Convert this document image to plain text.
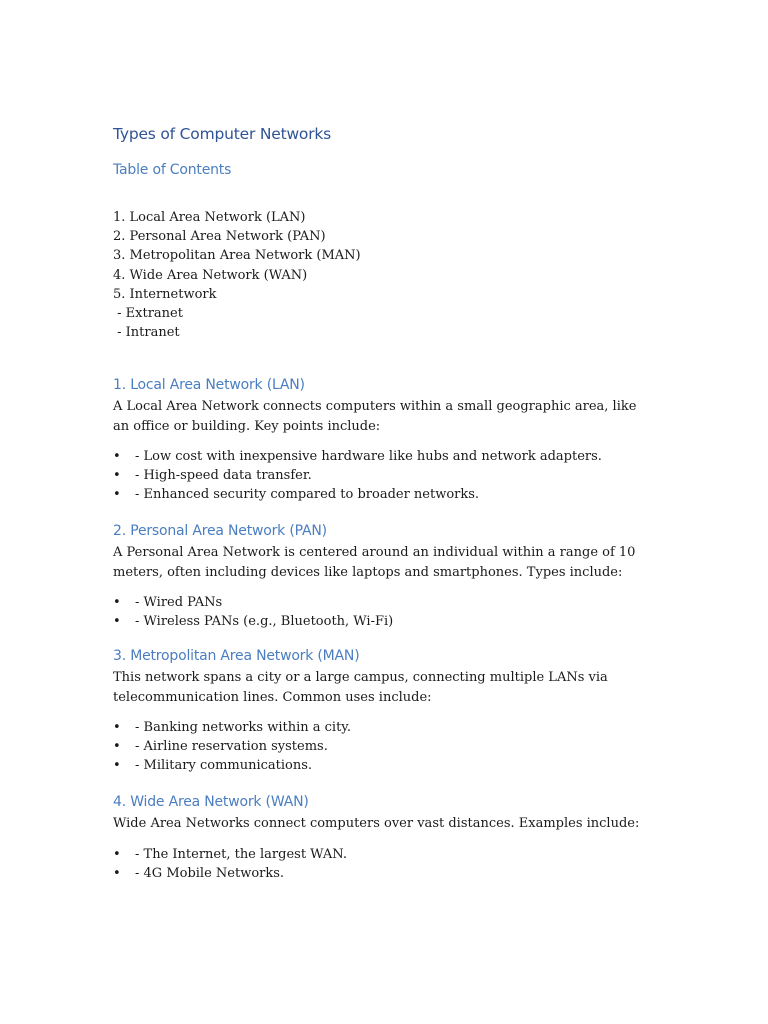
Types of Computer Networks
Table of Contents
1. Local Area Network (LAN)
2. Personal Area Network (PAN)
3. Metropolitan Area Network (MAN)
4. Wide Area Network (WAN)
5. Internetwork
- Extranet
- Intranet
1. Local Area Network (LAN)

A Local Area Network connects computers within a small geographic area, like an office or building. Key points include:

• - Low cost with inexpensive hardware like hubs and network adapters.
• - High-speed data transfer.
• - Enhanced security compared to broader networks.
2. Personal Area Network (PAN)

A Personal Area Network is centered around an individual within a range of 10 meters, often including devices like laptops and smartphones. Types include:

• - Wired PANs
• - Wireless PANs (e.g., Bluetooth, Wi-Fi)
3. Metropolitan Area Network (MAN)

This network spans a city or a large campus, connecting multiple LANs via telecommunication lines. Common uses include:

• - Banking networks within a city.
• - Airline reservation systems.
• - Military communications.
4. Wide Area Network (WAN)

Wide Area Networks connect computers over vast distances. Examples include:

• - The Internet, the largest WAN.
• - 4G Mobile Networks.
